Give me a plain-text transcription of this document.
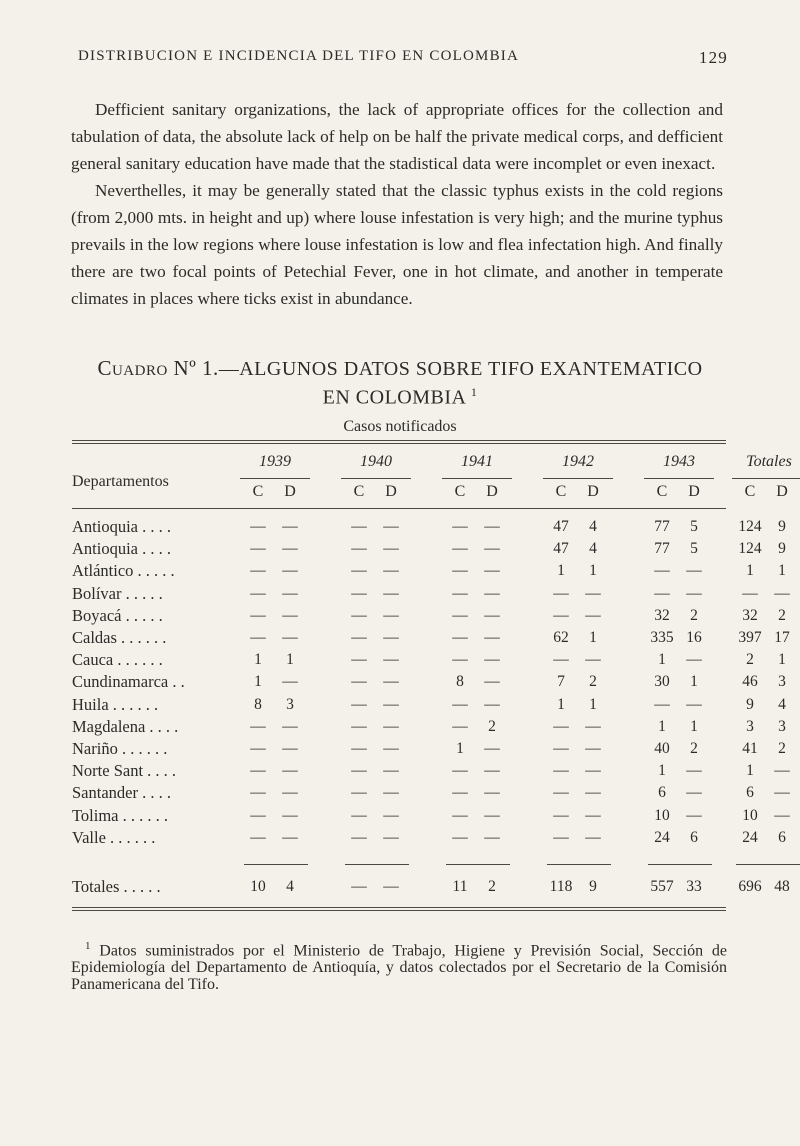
DISTRIBUCION E INCIDENCIA DEL TIFO EN COLOMBIA	129

Defficient sanitary organizations, the lack of appropriate offices for the collection and tabulation of data, the absolute lack of help on be half the private medical corps, and defficient general sanitary education have made that the stadistical data were incomplet or even inexact.

Neverthelles, it may be generally stated that the classic typhus exists in the cold regions (from 2,000 mts. in height and up) where louse infestation is very high; and the murine typhus prevails in the low regions where louse infestation is low and flea infectation high. And finally there are two focal points of Petechial Fever, one in hot climate, and another in temperate climates in places where ticks exist in abundance.

Cuadro Nº 1.—ALGUNOS DATOS SOBRE TIFO EXANTEMATICO
EN COLOMBIA $^1$
Casos notificados
Departamentos
1939	1940	1941	1942	1943	Totales
C D	C D	C D	C D	C D	C D
Antioquia . . . .	—	—	—	—	—	—	47	4	77	5	124	9
Antioquia . . . .	—	—	—	—	—	—	47	4	77	5	124	9
Atlántico . . . . .	—	—	—	—	—	—	1	1	—	—	1	1
Bolívar . . . . .	—	—	—	—	—	—	—	—	—	—	—	—
Boyacá . . . . .	—	—	—	—	—	—	—	—	32	2	32	2
Caldas . . . . . .	—	—	—	—	—	—	62	1	335 16	397 17
Cauca . . . . . .	1	1	—	—	—	—	—	—	1	—	2	1
Cundinamarca . .	1	—	—	—	8	—	7	2	30	1	46	3
Huila . . . . . .	8	3	—	—	—	—	1	1	—	—	9	4
Magdalena . . . .	—	—	—	—	—	2	—	—	1	1	3	3
Nariño . . . . . .	—	—	—	—	1	—	—	—	40	2	41	2
Norte Sant . . . .	—	—	—	—	—	—	—	—	1	—	1	—
Santander . . . .	—	—	—	—	—	—	—	—	6	—	6	—
Tolima . . . . . .	—	—	—	—	—	—	—	—	10	—	10	—
Valle . . . . . .	—	—	—	—	—	—	—	—	24	6	24	6
Totales . . . . .	10	4	—	—	11	2	118	9	557 33	696 48

$^1$ Datos suministrados por el Ministerio de Trabajo, Higiene y Previsión Social, Sección de Epidemiología del Departamento de Antioquía, y datos colectados por el Secretario de la Comisión Panamericana del Tifo.
